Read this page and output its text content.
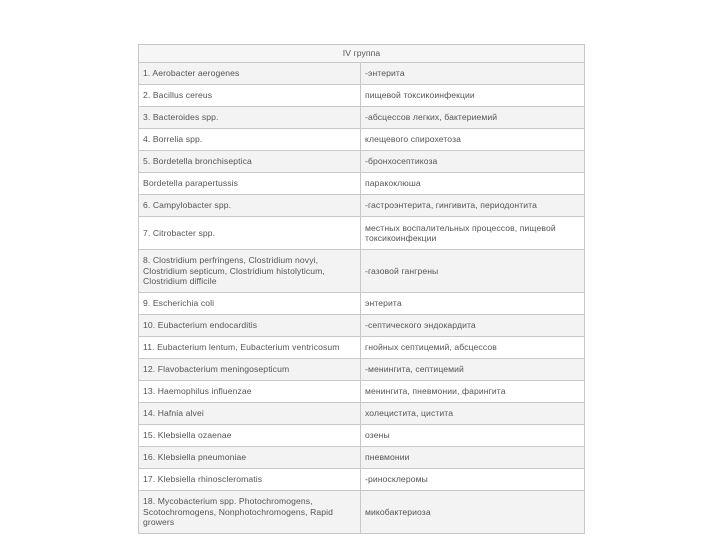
IV группа	
1. Aerobacter aerogenes	-энтерита
2. Bacillus cereus	пищевой токсикоинфекции
3. Bacteroides spp.	-абсцессов легких, бактериемий
4. Borrelia spp.	клещевого спирохетоза
5. Bordetella bronchiseptica	-бронхосептикоза
Bordetella parapertussis	паракоклюша
6. Campylobacter spp.	-гастроэнтерита, гингивита, периодонтита
7. Citrobacter spp.	местных воспалительных процессов, пищевой токсикоинфекции
8. Clostridium perfringens, Clostridium novyi, Clostridium septicum, Clostridium histolyticum, Clostridium difficile	-газовой гангрены
9. Escherichia coli	энтерита
10. Eubacterium endocarditis	-септического эндокардита
11. Eubacterium lentum, Eubacterium ventricosum	гнойных септицемий, абсцессов
12. Flavobacterium meningosepticum	-менингита, септицемий
13. Haemophilus influenzae	менингита, пневмонии, фарингита
14. Hafnia alvei	холецистита, цистита
15. Klebsiella ozaenae	озены
16. Klebsiella pneumoniae	пневмонии
17. Klebsiella rhinoscleromatis	-риносклеромы
18. Mycobacterium spp. Photochromogens, Scotochromogens, Nonphotochromogens, Rapid growers	микобактериоза
